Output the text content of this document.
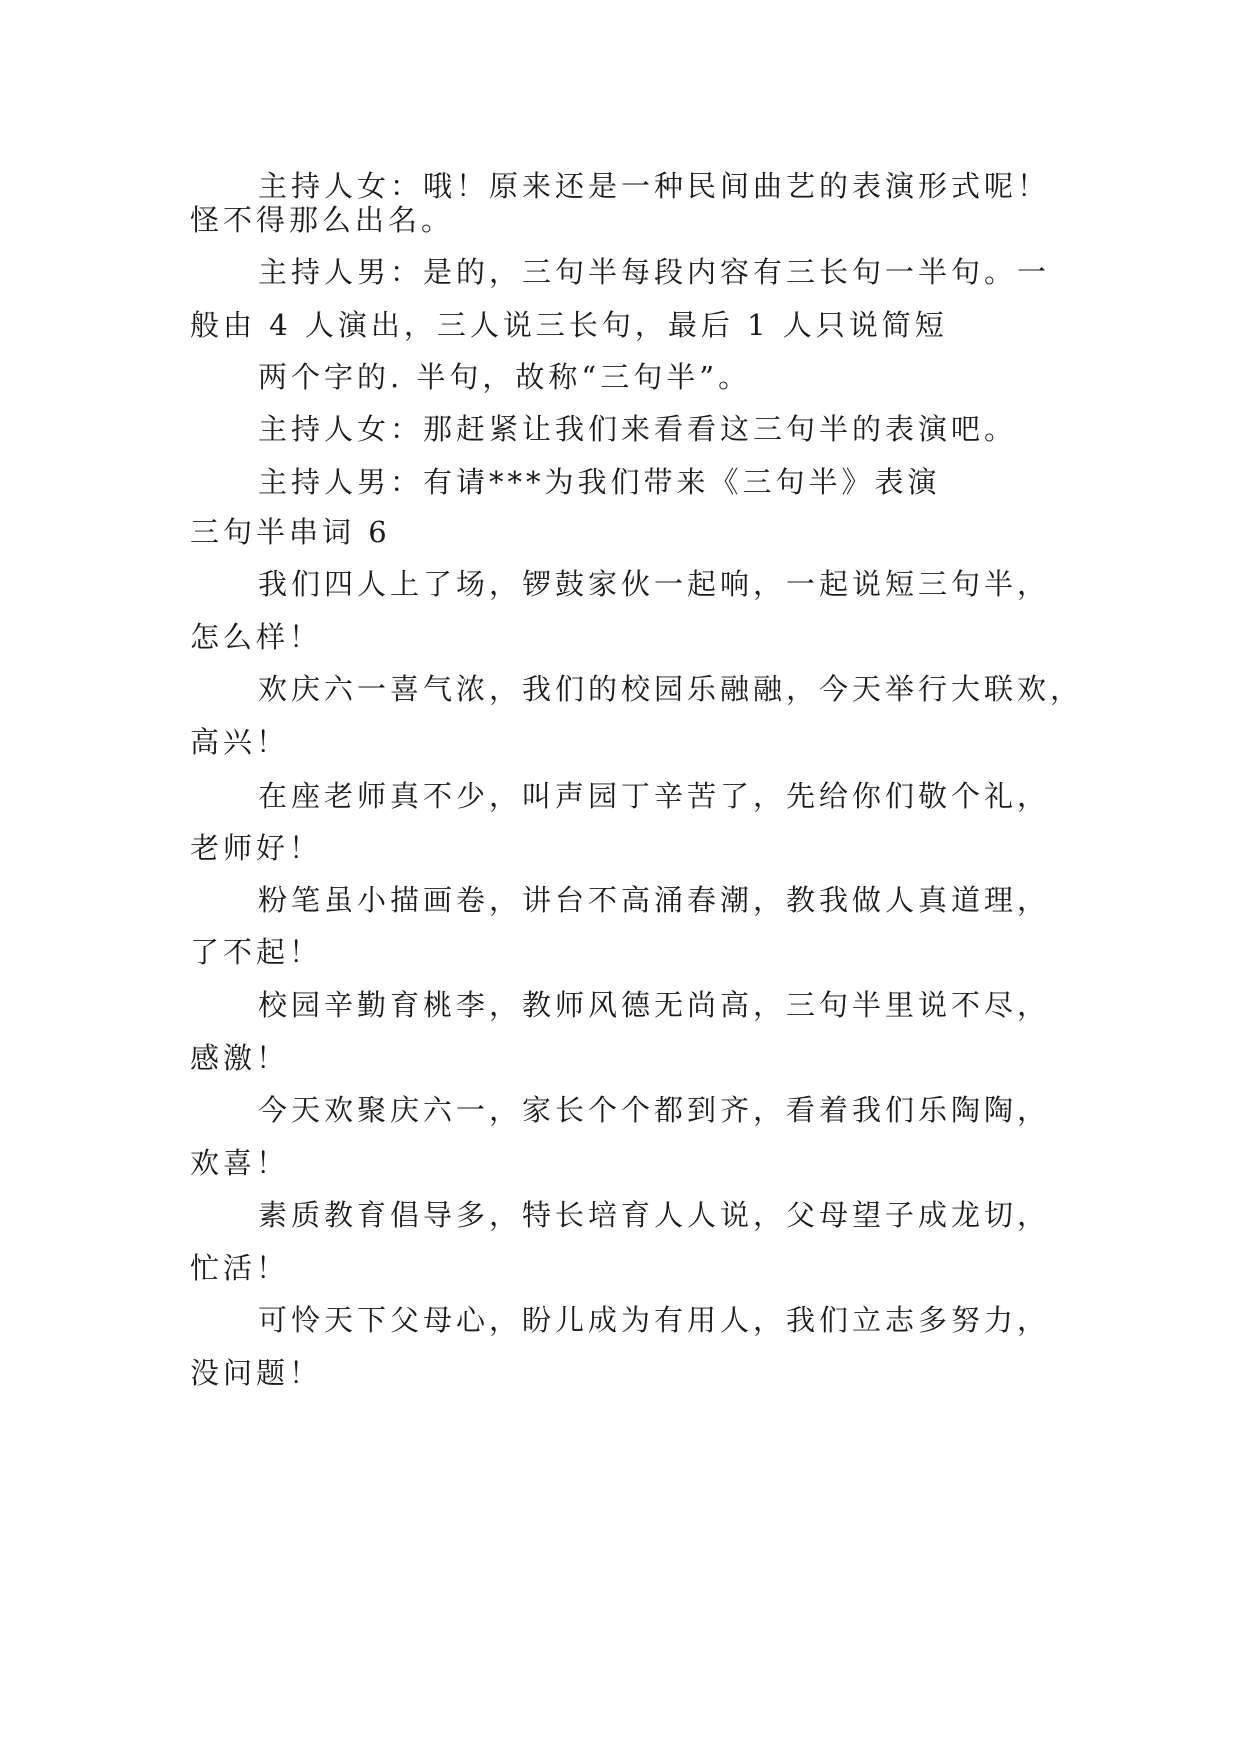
主持人女：哦！原来还是一种民间曲艺的表演形式呢！

怪不得那么出名。

主持人男：是的，三句半每段内容有三长句一半句。一

般由 4 人演出，三人说三长句，最后 1 人只说简短

两个字的. 半句，故称“三句半”。

主持人女：那赶紧让我们来看看这三句半的表演吧。

主持人男：有请***为我们带来《三句半》表演

三句半串词 6

我们四人上了场，锣鼓家伙一起响，一起说短三句半，

怎么样！

欢庆六一喜气浓，我们的校园乐融融，今天举行大联欢，

高兴！

在座老师真不少，叫声园丁辛苦了，先给你们敬个礼，

老师好！

粉笔虽小描画卷，讲台不高涌春潮，教我做人真道理，

了不起！

校园辛勤育桃李，教师风德无尚高，三句半里说不尽，

感激！

今天欢聚庆六一，家长个个都到齐，看着我们乐陶陶，

欢喜！

素质教育倡导多，特长培育人人说，父母望子成龙切，

忙活！

可怜天下父母心，盼儿成为有用人，我们立志多努力，

没问题！
